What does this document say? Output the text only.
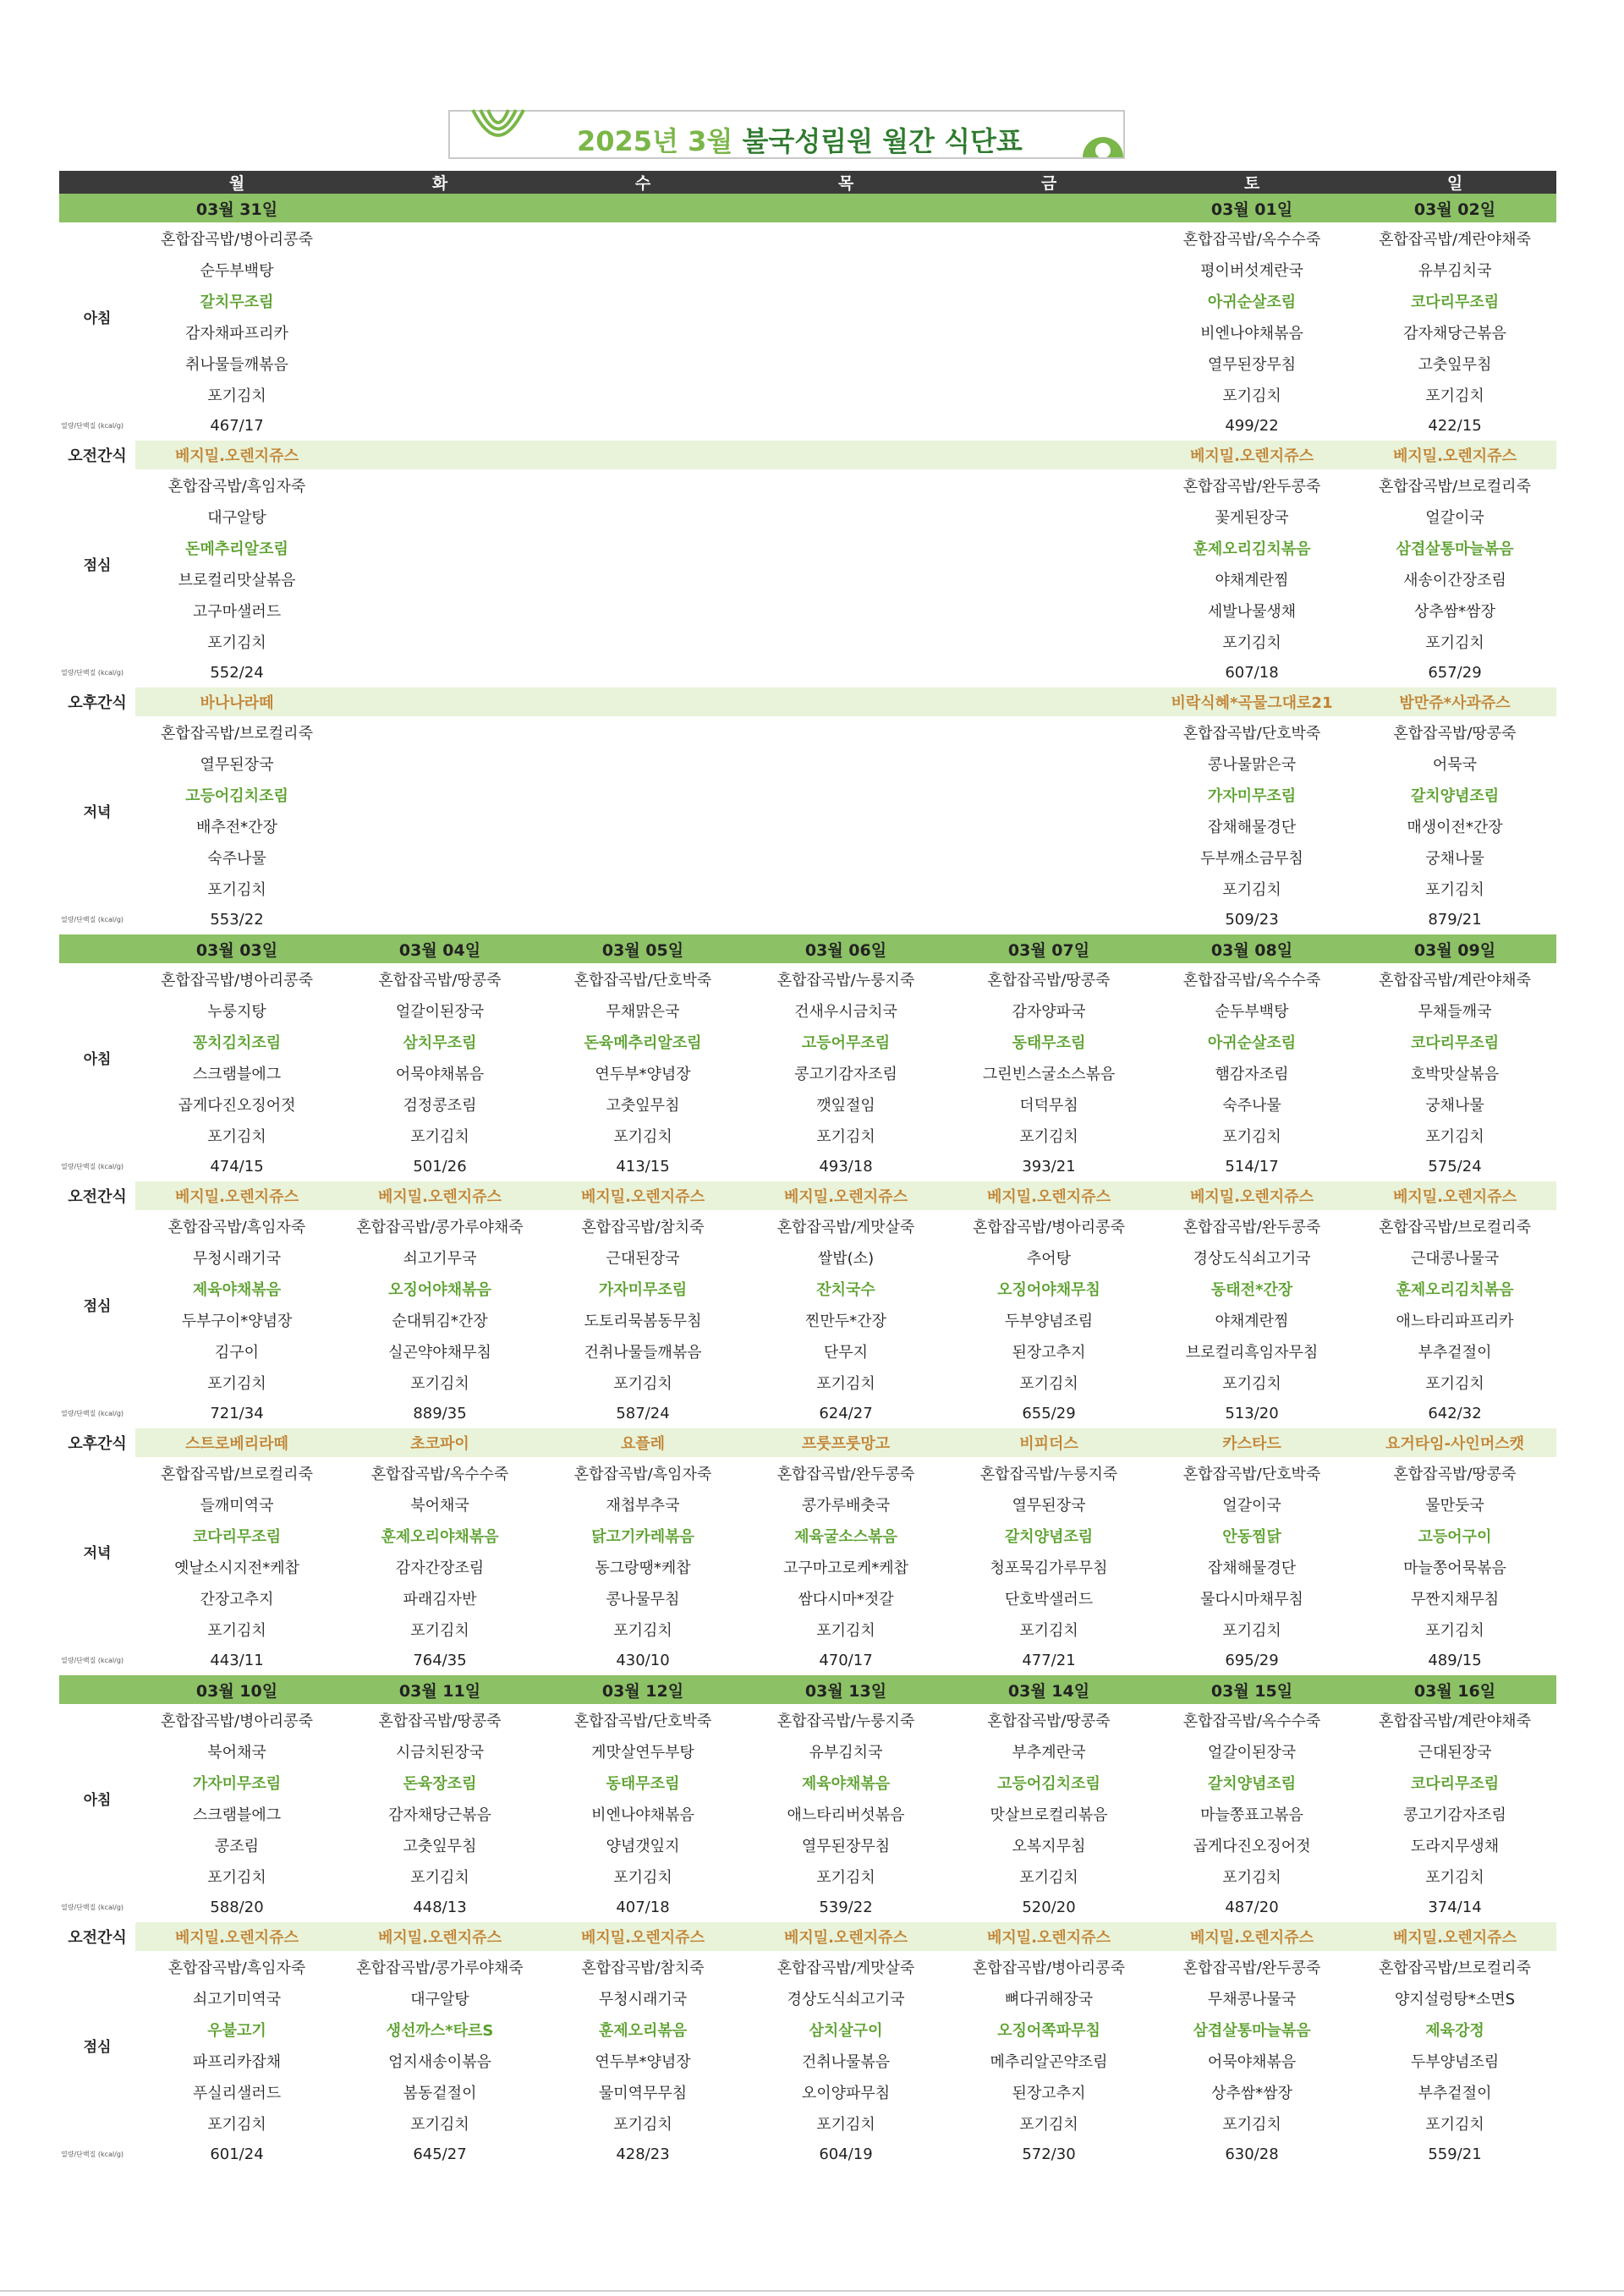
2025년 3월 불국성림원 월간 식단표
	월	화	수	목	금	토	일
	03월 31일					03월 01일	03월 02일
아침	혼합잡곡밥/병아리콩죽					혼합잡곡밥/옥수수죽	혼합잡곡밥/계란야채죽
	순두부백탕					평이버섯계란국	유부김치국
	갈치무조림					아귀순살조림	코다리무조림
	감자채파프리카					비엔나야채볶음	감자채당근볶음
	취나물들깨볶음					열무된장무침	고춧잎무침
	포기김치					포기김치	포기김치
열량/단백질 (kcal/g)	467/17					499/22	422/15
오전간식	베지밀.오렌지쥬스					베지밀.오렌지쥬스	베지밀.오렌지쥬스
점심	혼합잡곡밥/흑임자죽					혼합잡곡밥/완두콩죽	혼합잡곡밥/브로컬리죽
	대구알탕					꽃게된장국	얼갈이국
	돈메추리알조림					훈제오리김치볶음	삼겹살통마늘볶음
	브로컬리맛살볶음					야채계란찜	새송이간장조림
	고구마샐러드					세발나물생채	상추쌈*쌈장
	포기김치					포기김치	포기김치
열량/단백질 (kcal/g)	552/24					607/18	657/29
오후간식	바나나라떼					비락식혜*곡물그대로21	밤만쥬*사과쥬스
저녁	혼합잡곡밥/브로컬리죽					혼합잡곡밥/단호박죽	혼합잡곡밥/땅콩죽
	열무된장국					콩나물맑은국	어묵국
	고등어김치조림					가자미무조림	갈치양념조림
	배추전*간장					잡채해물경단	매생이전*간장
	숙주나물					두부깨소금무침	궁채나물
	포기김치					포기김치	포기김치
열량/단백질 (kcal/g)	553/22					509/23	879/21
	03월 03일	03월 04일	03월 05일	03월 06일	03월 07일	03월 08일	03월 09일
아침	혼합잡곡밥/병아리콩죽	혼합잡곡밥/땅콩죽	혼합잡곡밥/단호박죽	혼합잡곡밥/누룽지죽	혼합잡곡밥/땅콩죽	혼합잡곡밥/옥수수죽	혼합잡곡밥/계란야채죽
	누룽지탕	얼갈이된장국	무채맑은국	건새우시금치국	감자양파국	순두부백탕	무채들깨국
	꽁치김치조림	삼치무조림	돈육메추리알조림	고등어무조림	동태무조림	아귀순살조림	코다리무조림
	스크램블에그	어묵야채볶음	연두부*양념장	콩고기감자조림	그린빈스굴소스볶음	햄감자조림	호박맛살볶음
	곱게다진오징어젓	검정콩조림	고춧잎무침	깻잎절임	더덕무침	숙주나물	궁채나물
	포기김치	포기김치	포기김치	포기김치	포기김치	포기김치	포기김치
열량/단백질 (kcal/g)	474/15	501/26	413/15	493/18	393/21	514/17	575/24
오전간식	베지밀.오렌지쥬스	베지밀.오렌지쥬스	베지밀.오렌지쥬스	베지밀.오렌지쥬스	베지밀.오렌지쥬스	베지밀.오렌지쥬스	베지밀.오렌지쥬스
점심	혼합잡곡밥/흑임자죽	혼합잡곡밥/콩가루야채죽	혼합잡곡밥/참치죽	혼합잡곡밥/게맛살죽	혼합잡곡밥/병아리콩죽	혼합잡곡밥/완두콩죽	혼합잡곡밥/브로컬리죽
	무청시래기국	쇠고기무국	근대된장국	쌀밥(소)	추어탕	경상도식쇠고기국	근대콩나물국
	제육야채볶음	오징어야채볶음	가자미무조림	잔치국수	오징어야채무침	동태전*간장	훈제오리김치볶음
	두부구이*양념장	순대튀김*간장	도토리묵봄동무침	찐만두*간장	두부양념조림	야채계란찜	애느타리파프리카
	김구이	실곤약야채무침	건취나물들깨볶음	단무지	된장고추지	브로컬리흑임자무침	부추겉절이
	포기김치	포기김치	포기김치	포기김치	포기김치	포기김치	포기김치
열량/단백질 (kcal/g)	721/34	889/35	587/24	624/27	655/29	513/20	642/32
오후간식	스트로베리라떼	초코파이	요플레	프룻프룻망고	비피더스	카스타드	요거타임-사인머스캣
저녁	혼합잡곡밥/브로컬리죽	혼합잡곡밥/옥수수죽	혼합잡곡밥/흑임자죽	혼합잡곡밥/완두콩죽	혼합잡곡밥/누룽지죽	혼합잡곡밥/단호박죽	혼합잡곡밥/땅콩죽
	들깨미역국	북어채국	재첩부추국	콩가루배춧국	열무된장국	얼갈이국	물만둣국
	코다리무조림	훈제오리야채볶음	닭고기카레볶음	제육굴소스볶음	갈치양념조림	안동찜닭	고등어구이
	옛날소시지전*케찹	감자간장조림	동그랑땡*케찹	고구마고로케*케찹	청포묵김가루무침	잡채해물경단	마늘쫑어묵볶음
	간장고추지	파래김자반	콩나물무침	쌈다시마*젓갈	단호박샐러드	물다시마채무침	무짠지채무침
	포기김치	포기김치	포기김치	포기김치	포기김치	포기김치	포기김치
열량/단백질 (kcal/g)	443/11	764/35	430/10	470/17	477/21	695/29	489/15
	03월 10일	03월 11일	03월 12일	03월 13일	03월 14일	03월 15일	03월 16일
아침	혼합잡곡밥/병아리콩죽	혼합잡곡밥/땅콩죽	혼합잡곡밥/단호박죽	혼합잡곡밥/누룽지죽	혼합잡곡밥/땅콩죽	혼합잡곡밥/옥수수죽	혼합잡곡밥/계란야채죽
	북어채국	시금치된장국	게맛살연두부탕	유부김치국	부추계란국	얼갈이된장국	근대된장국
	가자미무조림	돈육장조림	동태무조림	제육야채볶음	고등어김치조림	갈치양념조림	코다리무조림
	스크램블에그	감자채당근볶음	비엔나야채볶음	애느타리버섯볶음	맛살브로컬리볶음	마늘쫑표고볶음	콩고기감자조림
	콩조림	고춧잎무침	양념갯잎지	열무된장무침	오복지무침	곱게다진오징어젓	도라지무생채
	포기김치	포기김치	포기김치	포기김치	포기김치	포기김치	포기김치
열량/단백질 (kcal/g)	588/20	448/13	407/18	539/22	520/20	487/20	374/14
오전간식	베지밀.오렌지쥬스	베지밀.오렌지쥬스	베지밀.오렌지쥬스	베지밀.오렌지쥬스	베지밀.오렌지쥬스	베지밀.오렌지쥬스	베지밀.오렌지쥬스
점심	혼합잡곡밥/흑임자죽	혼합잡곡밥/콩가루야채죽	혼합잡곡밥/참치죽	혼합잡곡밥/게맛살죽	혼합잡곡밥/병아리콩죽	혼합잡곡밥/완두콩죽	혼합잡곡밥/브로컬리죽
	쇠고기미역국	대구알탕	무청시래기국	경상도식쇠고기국	뼈다귀해장국	무채콩나물국	양지설렁탕*소면S
	우불고기	생선까스*타르S	훈제오리볶음	삼치살구이	오징어쪽파무침	삼겹살통마늘볶음	제육강정
	파프리카잡채	엄지새송이볶음	연두부*양념장	건취나물볶음	메추리알곤약조림	어묵야채볶음	두부양념조림
	푸실리샐러드	봄동겉절이	물미역무무침	오이양파무침	된장고추지	상추쌈*쌈장	부추겉절이
	포기김치	포기김치	포기김치	포기김치	포기김치	포기김치	포기김치
열량/단백질 (kcal/g)	601/24	645/27	428/23	604/19	572/30	630/28	559/21
